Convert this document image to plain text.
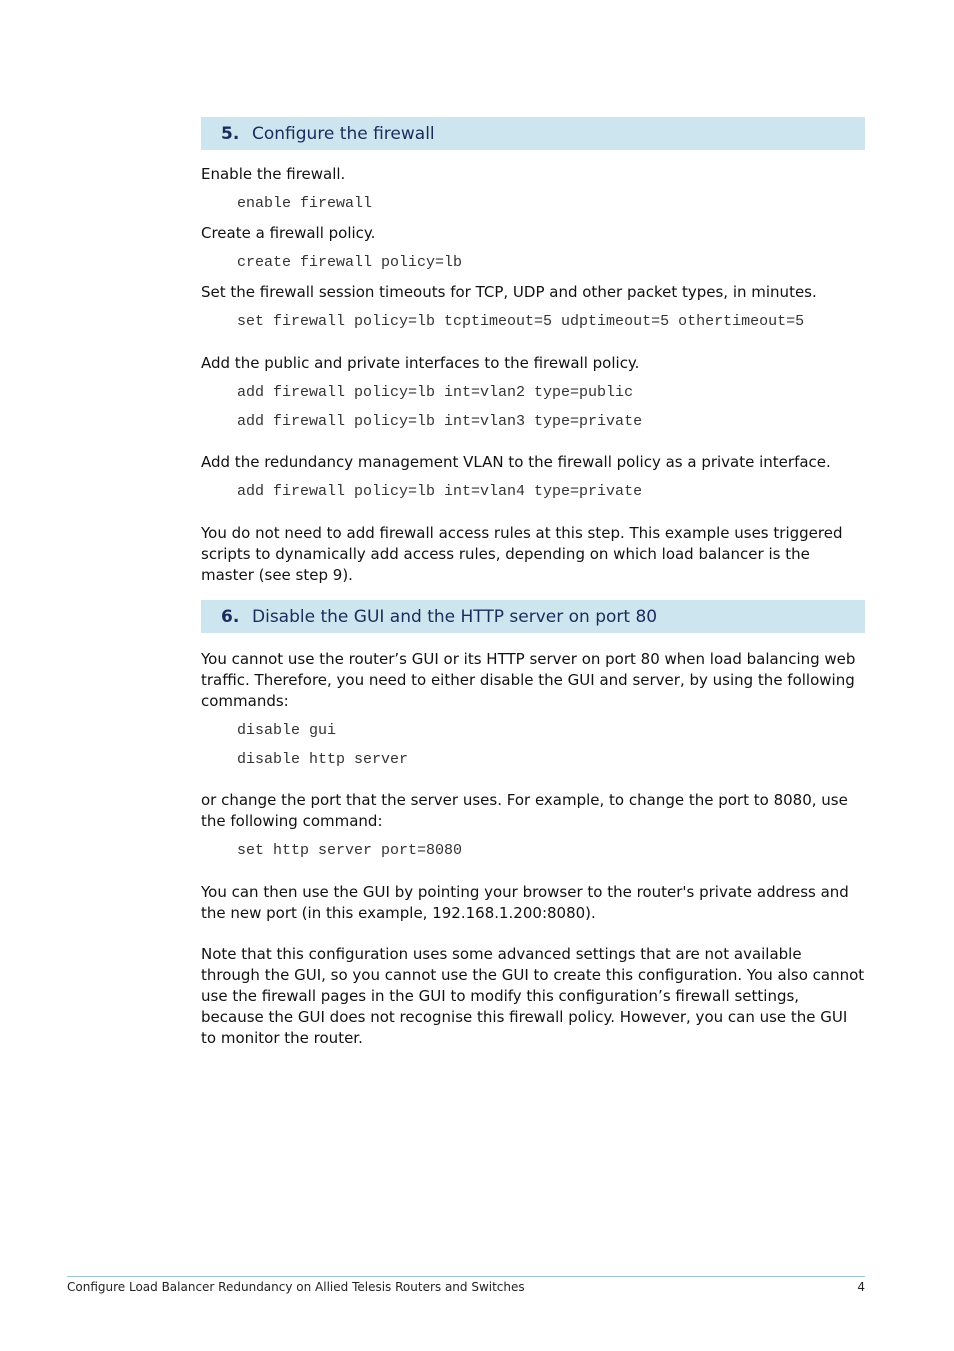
5. Configure the firewall
Enable the firewall.
enable firewall
Create a firewall policy.
create firewall policy=lb
Set the firewall session timeouts for TCP, UDP and other packet types, in minutes.
set firewall policy=lb tcptimeout=5 udptimeout=5 othertimeout=5
Add the public and private interfaces to the firewall policy.
add firewall policy=lb int=vlan2 type=public
add firewall policy=lb int=vlan3 type=private
Add the redundancy management VLAN to the firewall policy as a private interface.
add firewall policy=lb int=vlan4 type=private
You do not need to add firewall access rules at this step. This example uses triggered scripts to dynamically add access rules, depending on which load balancer is the master (see step 9).
6. Disable the GUI and the HTTP server on port 80
You cannot use the router’s GUI or its HTTP server on port 80 when load balancing web traffic. Therefore, you need to either disable the GUI and server, by using the following commands:
disable gui
disable http server
or change the port that the server uses. For example, to change the port to 8080, use the following command:
set http server port=8080
You can then use the GUI by pointing your browser to the router's private address and the new port (in this example, 192.168.1.200:8080).
Note that this configuration uses some advanced settings that are not available through the GUI, so you cannot use the GUI to create this configuration. You also cannot use the firewall pages in the GUI to modify this configuration’s firewall settings, because the GUI does not recognise this firewall policy. However, you can use the GUI to monitor the router.
Configure Load Balancer Redundancy on Allied Telesis Routers and Switches	4
